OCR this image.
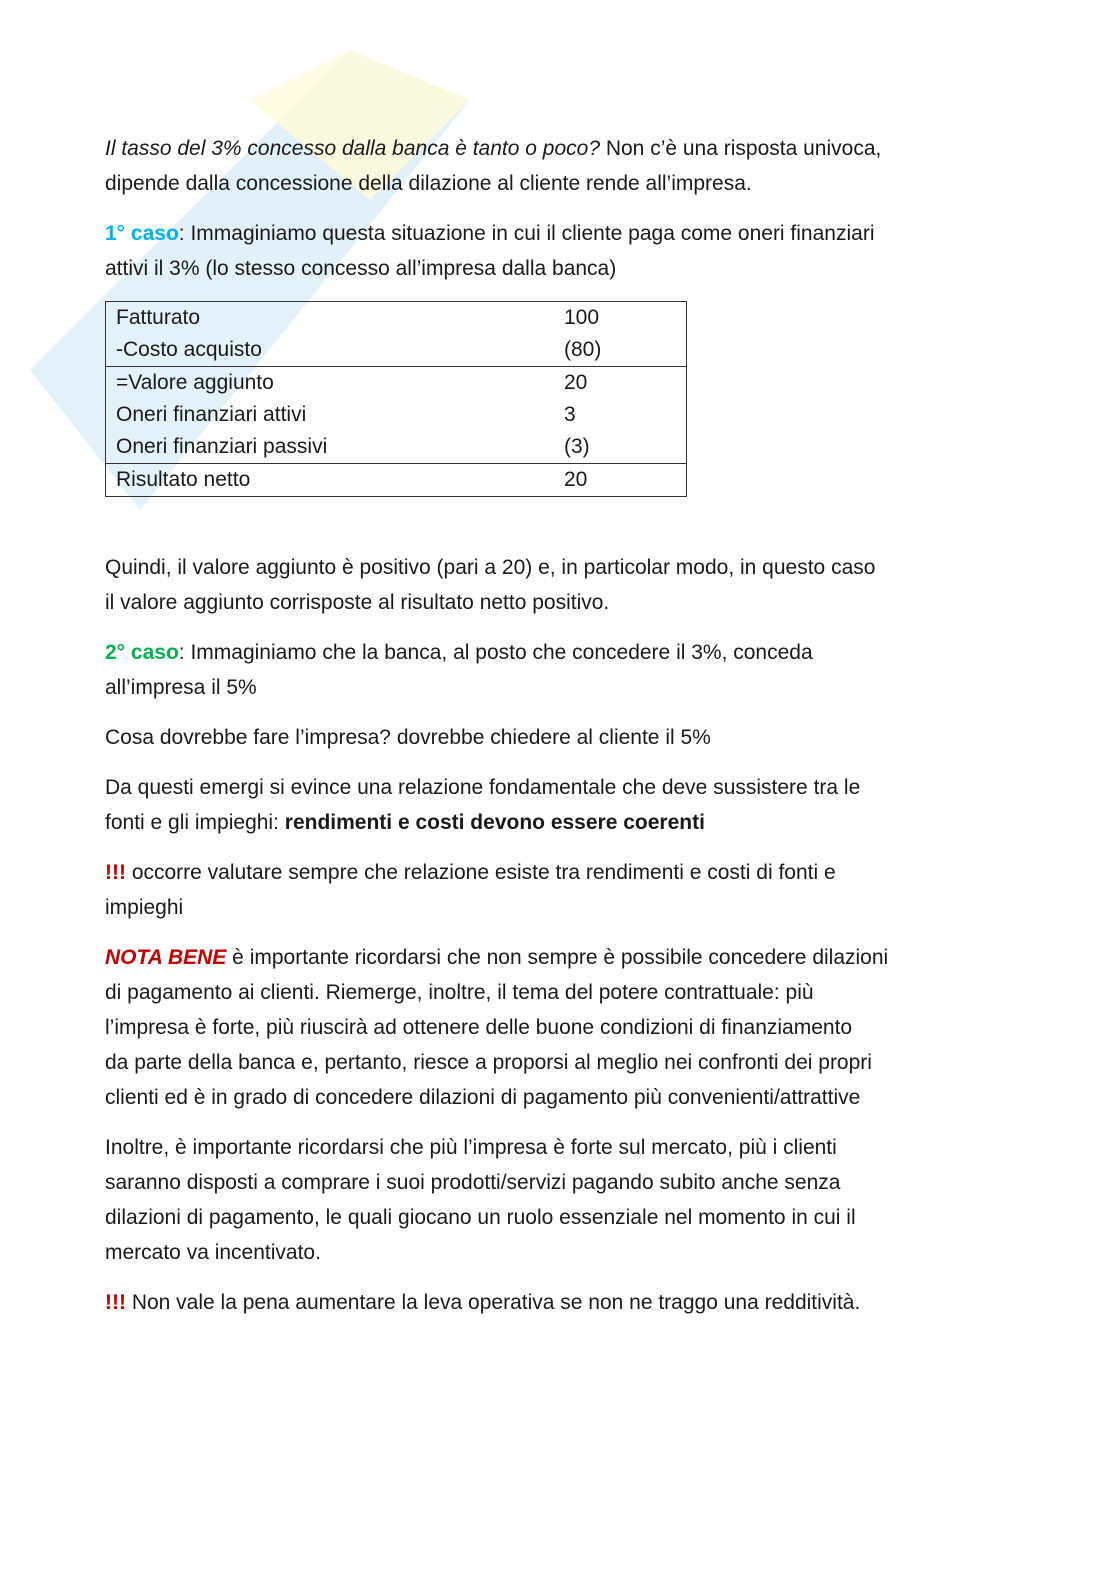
Il tasso del 3% concesso dalla banca è tanto o poco? Non c’è una risposta univoca,
dipende dalla concessione della dilazione al cliente rende all’impresa.

1° caso: Immaginiamo questa situazione in cui il cliente paga come oneri finanziari
attivi il 3% (lo stesso concesso all’impresa dalla banca)

Fatturato	100
-Costo acquisto	(80)
=Valore aggiunto	20
Oneri finanziari attivi	3
Oneri finanziari passivi	(3)
Risultato netto	20

Quindi, il valore aggiunto è positivo (pari a 20) e, in particolar modo, in questo caso
il valore aggiunto corrisposte al risultato netto positivo.

2° caso: Immaginiamo che la banca, al posto che concedere il 3%, conceda
all’impresa il 5%

Cosa dovrebbe fare l’impresa? dovrebbe chiedere al cliente il 5%

Da questi emergi si evince una relazione fondamentale che deve sussistere tra le
fonti e gli impieghi: rendimenti e costi devono essere coerenti

!!! occorre valutare sempre che relazione esiste tra rendimenti e costi di fonti e
impieghi

NOTA BENE è importante ricordarsi che non sempre è possibile concedere dilazioni
di pagamento ai clienti. Riemerge, inoltre, il tema del potere contrattuale: più
l’impresa è forte, più riuscirà ad ottenere delle buone condizioni di finanziamento
da parte della banca e, pertanto, riesce a proporsi al meglio nei confronti dei propri
clienti ed è in grado di concedere dilazioni di pagamento più convenienti/attrattive

Inoltre, è importante ricordarsi che più l’impresa è forte sul mercato, più i clienti
saranno disposti a comprare i suoi prodotti/servizi pagando subito anche senza
dilazioni di pagamento, le quali giocano un ruolo essenziale nel momento in cui il
mercato va incentivato.

!!! Non vale la pena aumentare la leva operativa se non ne traggo una redditività.
